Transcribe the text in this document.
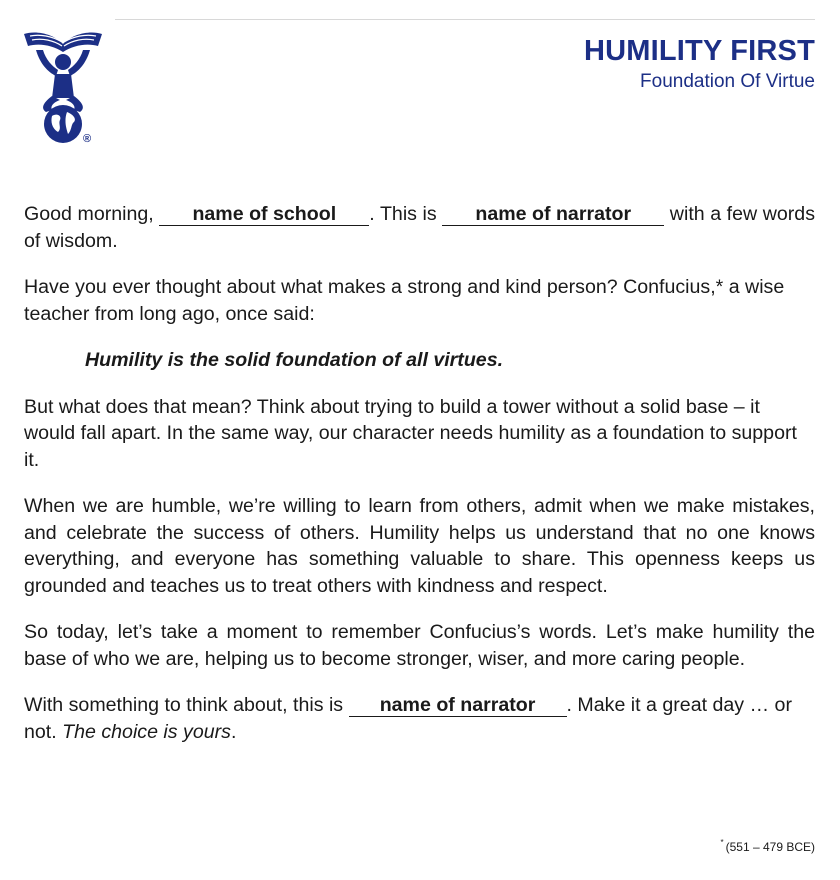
®
HUMILITY FIRST
Foundation Of Virtue

Good morning, name of school . This is name of narrator with a few words of wisdom.

Have you ever thought about what makes a strong and kind person? Confucius,* a wise teacher from long ago, once said:

Humility is the solid foundation of all virtues.

But what does that mean? Think about trying to build a tower without a solid base – it would fall apart. In the same way, our character needs humility as a foundation to support it.

When we are humble, we’re willing to learn from others, admit when we make mistakes, and celebrate the success of others. Humility helps us understand that no one knows everything, and everyone has something valuable to share. This openness keeps us grounded and teaches us to treat others with kindness and respect.

So today, let’s take a moment to remember Confucius’s words. Let’s make humility the base of who we are, helping us to become stronger, wiser, and more caring people.

With something to think about, this is name of narrator . Make it a great day … or not. The choice is yours.

* (551 – 479 BCE)
